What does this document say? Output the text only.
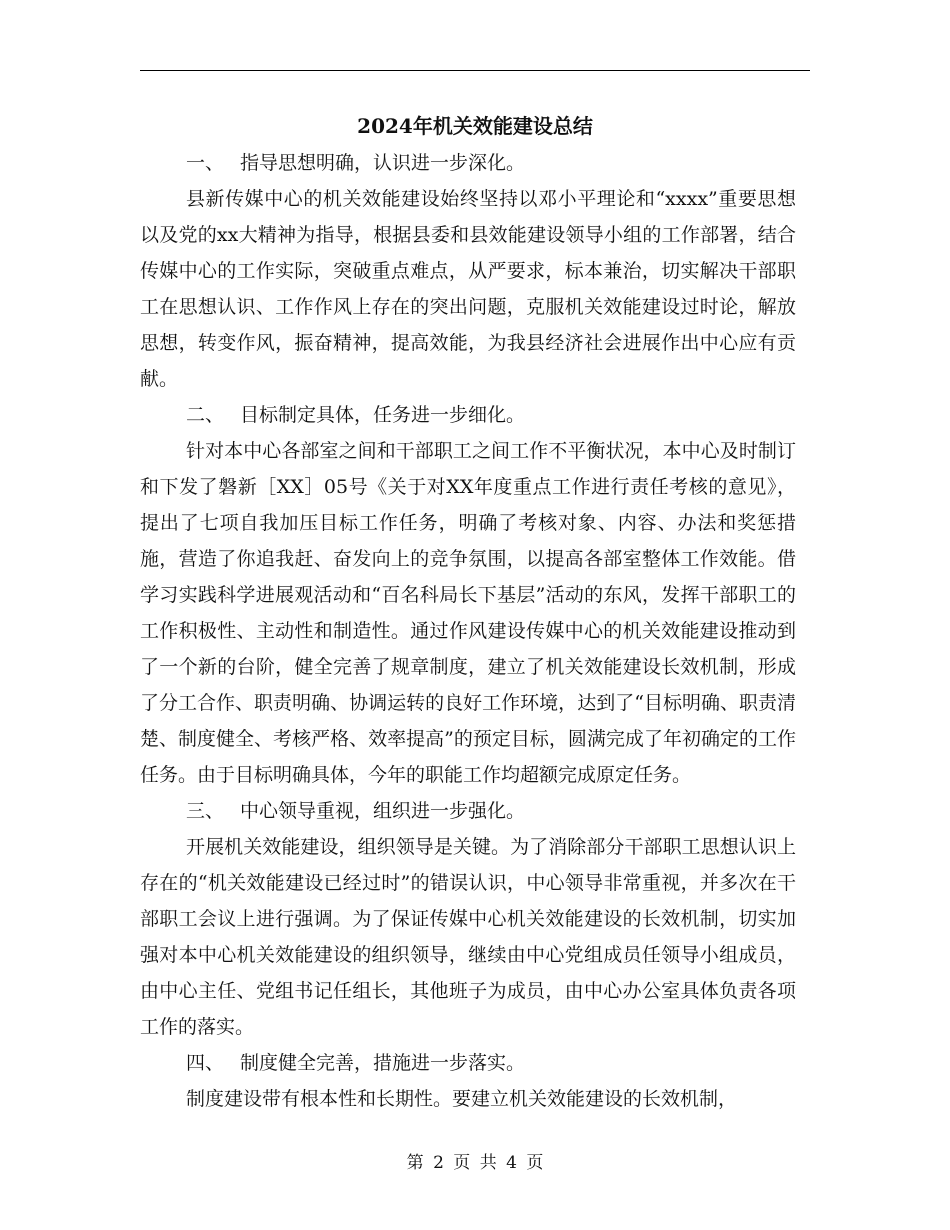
2024年机关效能建设总结

一、 指导思想明确，认识进一步深化。

县新传媒中心的机关效能建设始终坚持以邓小平理论和“xxxx”重要思想以及党的xx大精神为指导，根据县委和县效能建设领导小组的工作部署，结合传媒中心的工作实际，突破重点难点，从严要求，标本兼治，切实解决干部职工在思想认识、工作作风上存在的突出问题，克服机关效能建设过时论，解放思想，转变作风，振奋精神，提高效能，为我县经济社会进展作出中心应有贡献。

二、 目标制定具体，任务进一步细化。

针对本中心各部室之间和干部职工之间工作不平衡状况，本中心及时制订和下发了磐新［XX］05号《关于对XX年度重点工作进行责任考核的意见》，提出了七项自我加压目标工作任务，明确了考核对象、内容、办法和奖惩措施，营造了你追我赶、奋发向上的竞争氛围，以提高各部室整体工作效能。借学习实践科学进展观活动和“百名科局长下基层”活动的东风，发挥干部职工的工作积极性、主动性和制造性。通过作风建设传媒中心的机关效能建设推动到了一个新的台阶，健全完善了规章制度，建立了机关效能建设长效机制，形成了分工合作、职责明确、协调运转的良好工作环境，达到了“目标明确、职责清楚、制度健全、考核严格、效率提高”的预定目标，圆满完成了年初确定的工作任务。由于目标明确具体，今年的职能工作均超额完成原定任务。

三、 中心领导重视，组织进一步强化。

开展机关效能建设，组织领导是关键。为了消除部分干部职工思想认识上存在的“机关效能建设已经过时”的错误认识，中心领导非常重视，并多次在干部职工会议上进行强调。为了保证传媒中心机关效能建设的长效机制，切实加强对本中心机关效能建设的组织领导，继续由中心党组成员任领导小组成员，由中心主任、党组书记任组长，其他班子为成员，由中心办公室具体负责各项工作的落实。

四、 制度健全完善，措施进一步落实。

制度建设带有根本性和长期性。要建立机关效能建设的长效机制，

第 2 页 共 4 页
